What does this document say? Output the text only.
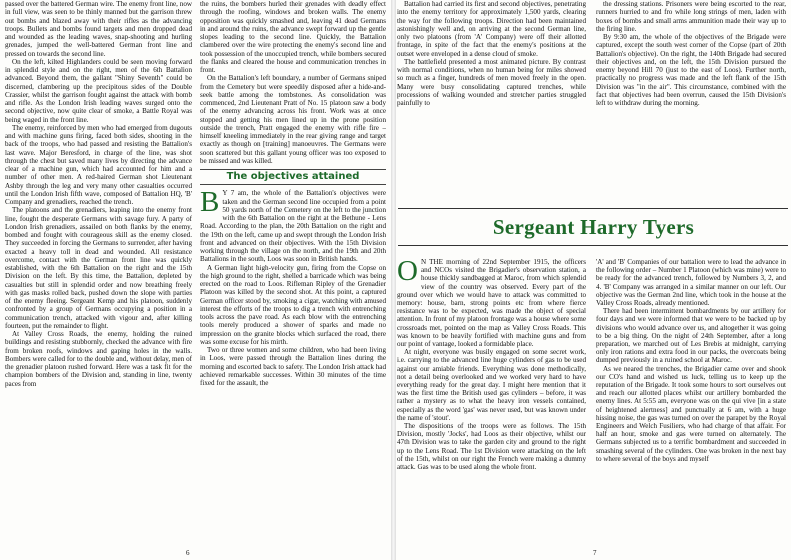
passed over the battered German wire. The enemy front line, now in full view, was seen to be thinly manned but the garrison threw out bombs and blazed away with their rifles as the advancing troops. Bullets and bombs found targets and men dropped dead and wounded as the leading waves, snap-shooting and hurling grenades, jumped the well-battered German front line and pressed on towards the second line.

On the left, kilted Highlanders could be seen moving forward in splendid style and on the right, men of the 6th Battalion advanced. Beyond them, the gallant "Shiny Seventh" could be discerned, clambering up the precipitous sides of the Double Crassier, whilst the garrison fought against the attack with bomb and rifle. As the London Irish leading waves surged onto the second objective, now quite clear of smoke, a Battle Royal was being waged in the front line.

The enemy, reinforced by men who had emerged from dugouts and with machine guns firing, faced both sides, shooting in the back of the troops, who had passed and resisting the Battalion's last wave. Major Beresford, in charge of the line, was shot through the chest but saved many lives by directing the advance clear of a machine gun, which had accounted for him and a number of other men. A red-haired German shot Lieutenant Ashby through the leg and very many other casualties occurred until the London Irish fifth wave, composed of Battalion HQ, 'B' Company and grenadiers, reached the trench.

The platoons and the grenadiers, leaping into the enemy front line, fought the desperate Germans with savage fury. A party of London Irish grenadiers, assailed on both flanks by the enemy, bombed and fought with courageous skill as the enemy closed. They succeeded in forcing the Germans to surrender, after having exacted a heavy toll in dead and wounded. All resistance overcome, contact with the German front line was quickly established, with the 6th Battalion on the right and the 15th Division on the left. By this time, the Battalion, depleted by casualties but still in splendid order and now breathing freely with gas masks rolled back, pushed down the slope with parties of the enemy fleeing. Sergeant Kemp and his platoon, suddenly confronted by a group of Germans occupying a position in a communication trench, attacked with vigour and, after killing fourteen, put the remainder to flight.

At Valley Cross Roads, the enemy, holding the ruined buildings and resisting stubbornly, checked the advance with fire from broken roofs, windows and gaping holes in the walls. Bombers were called for to the double and, without delay, men of the grenadier platoon rushed forward. Here was a task fit for the champion bombers of the Division and, standing in line, twenty paces from

the ruins, the bombers hurled their grenades with deadly effect through the roofing, windows and broken walls. The enemy opposition was quickly smashed and, leaving 41 dead Germans in and around the ruins, the advance swept forward up the gentle slopes leading to the second line. Quickly, the Battalion clambered over the wire protecting the enemy's second line and took possession of the unoccupied trench, while bombers secured the flanks and cleared the house and communication trenches in front.

On the Battalion's left boundary, a number of Germans sniped from the Cemetery but were speedily disposed after a hide-and-seek battle among the tombstones. As consolidation was commenced, 2nd Lieutenant Pratt of No. 15 platoon saw a body of the enemy advancing across his front. Work was at once stopped and getting his men lined up in the prone position outside the trench, Pratt engaged the enemy with rifle fire – himself kneeling immediately in the rear giving range and target exactly as though on [training] manoeuvres. The Germans were soon scattered but this gallant young officer was too exposed to be missed and was killed.

The objectives attained

B Y 7 am, the whole of the Battalion's objectives were taken and the German second line occupied from a point 50 yards north of the Cemetery on the left to the junction with the 6th Battalion on the right at the Bethune - Lens Road. According to the plan, the 20th Battalion on the right and the 19th on the left, came up and swept through the London Irish front and advanced on their objectives. With the 15th Division working through the village on the north, and the 19th and 20th Battalions in the south, Loos was soon in British hands.

A German light high-velocity gun, firing from the Copse on the high ground to the right, shelled a barricade which was being erected on the road to Loos. Rifleman Ripley of the Grenadier Platoon was killed by the second shot. At this point, a captured German officer stood by, smoking a cigar, watching with amused interest the efforts of the troops to dig a trench with entrenching tools across the pave road. As each blow with the entrenching tools merely produced a shower of sparks and made no impression on the granite blocks which surfaced the road, there was some excuse for his mirth.

Two or three women and some children, who had been living in Loos, were passed through the Battalion lines during the morning and escorted back to safety. The London Irish attack had achieved remarkable successes. Within 30 minutes of the time fixed for the assault, the

6

Battalion had carried its first and second objectives, penetrating into the enemy territory for approximately 1,500 yards, clearing the way for the following troops. Direction had been maintained astonishingly well and, on arriving at the second German line, only two platoons (from 'A' Company) were off their allotted frontage, in spite of the fact that the enemy's positions at the outset were enveloped in a dense cloud of smoke.

The battlefield presented a most animated picture. By contrast with normal conditions, when no human being for miles showed so much as a finger, hundreds of men moved freely in the open. Many were busy consolidating captured trenches, while processions of walking wounded and stretcher parties struggled painfully to

the dressing stations. Prisoners were being escorted to the rear, runners hurried to and fro while long strings of men, laden with boxes of bombs and small arms ammunition made their way up to the firing line.

By 9:30 am, the whole of the objectives of the Brigade were captured, except the south west corner of the Copse (part of 20th Battalion's objective). On the right, the 140th Brigade had secured their objectives and, on the left, the 15th Division pursued the enemy beyond Hill 70 (just to the east of Loos). Further north, practically no progress was made and the left flank of the 15th Division was "in the air". This circumstance, combined with the fact that objectives had been overrun, caused the 15th Division's left to withdraw during the morning.

Sergeant Harry Tyers

O N THE morning of 22nd September 1915, the officers and NCOs visited the Brigadier's observation station, a house thickly sandbagged at Maroc, from which splendid view of the country was observed. Every part of the ground over which we would have to attack was committed to memory: house, barn, strong points etc from where fierce resistance was to be expected, was made the object of special attention. In front of my platoon frontage was a house where some crossroads met, pointed on the map as Valley Cross Roads. This was known to be heavily fortified with machine guns and from our point of vantage, looked a formidable place.

At night, everyone was busily engaged on some secret work, i.e. carrying to the advanced line huge cylinders of gas to be used against our amiable friends. Everything was done methodically, not a detail being overlooked and we worked very hard to have everything ready for the great day. I might here mention that it was the first time the British used gas cylinders – before, it was rather a mystery as to what the heavy iron vessels contained, especially as the word 'gas' was never used, but was known under the name of 'stout'.

The dispositions of the troops were as follows. The 15th Division, mostly 'Jocks', had Loos as their objective, whilst our 47th Division was to take the garden city and ground to the right up to the Lens Road. The 1st Division were attacking on the left of the 15th, whilst on our right the French were making a dummy attack. Gas was to be used along the whole front.

'A' and 'B' Companies of our battalion were to lead the advance in the following order – Number 1 Platoon (which was mine) were to be ready for the advanced trench, followed by Numbers 3, 2, and 4. 'B' Company was arranged in a similar manner on our left. Our objective was the German 2nd line, which took in the house at the Valley Cross Roads, already mentioned.

There had been intermittent bombardments by our artillery for four days and we were informed that we were to be backed up by divisions who would advance over us, and altogether it was going to be a big thing. On the night of 24th September, after a long preparation, we marched out of Les Brebis at midnight, carrying only iron rations and extra food in our packs, the overcoats being dumped previously in a ruined school at Maroc.

As we neared the trenches, the Brigadier came over and shook our CO's hand and wished us luck, telling us to keep up the reputation of the Brigade. It took some hours to sort ourselves out and reach our allotted places whilst our artillery bombarded the enemy lines. At 5:55 am, everyone was on the qui vive [in a state of heightened alertness] and punctually at 6 am, with a huge hissing noise, the gas was turned on over the parapet by the Royal Engineers and Welch Fusiliers, who had charge of that affair. For half an hour, smoke and gas were turned on alternately. The Germans subjected us to a terrific bombardment and succeeded in smashing several of the cylinders. One was broken in the next bay to where several of the boys and myself

7
